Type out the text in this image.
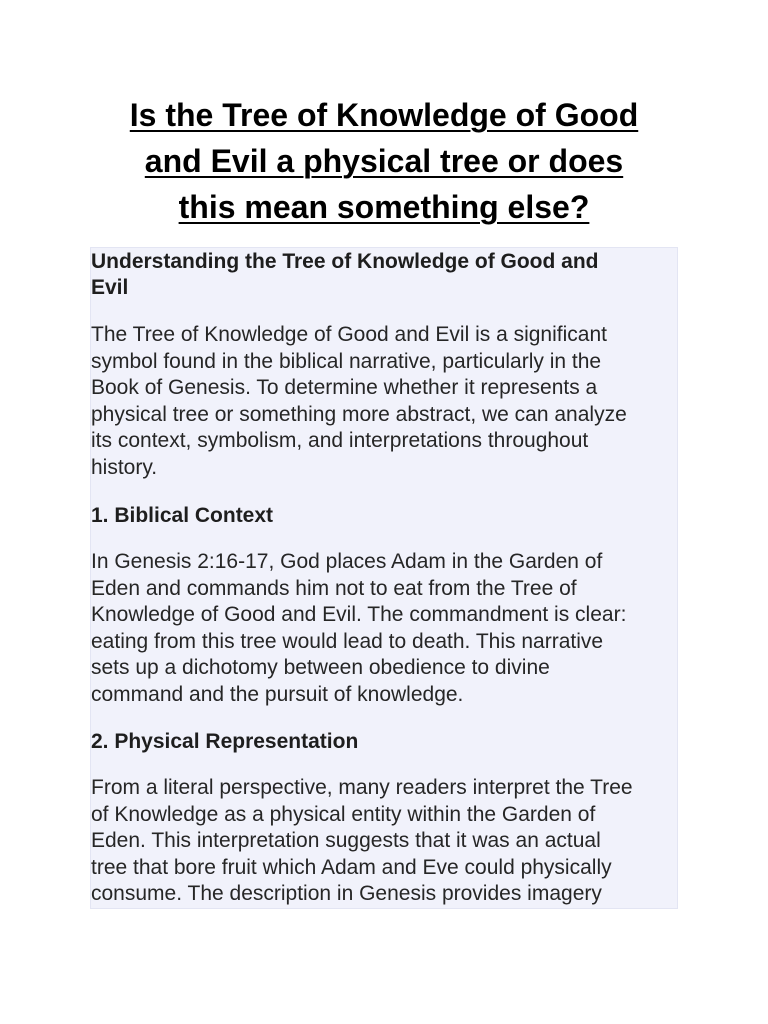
Is the Tree of Knowledge of Good
and Evil a physical tree or does
this mean something else?
Understanding the Tree of Knowledge of Good and
Evil

The Tree of Knowledge of Good and Evil is a significant
symbol found in the biblical narrative, particularly in the
Book of Genesis. To determine whether it represents a
physical tree or something more abstract, we can analyze
its context, symbolism, and interpretations throughout
history.

1. Biblical Context

In Genesis 2:16-17, God places Adam in the Garden of
Eden and commands him not to eat from the Tree of
Knowledge of Good and Evil. The commandment is clear:
eating from this tree would lead to death. This narrative
sets up a dichotomy between obedience to divine
command and the pursuit of knowledge.

2. Physical Representation

From a literal perspective, many readers interpret the Tree
of Knowledge as a physical entity within the Garden of
Eden. This interpretation suggests that it was an actual
tree that bore fruit which Adam and Eve could physically
consume. The description in Genesis provides imagery
